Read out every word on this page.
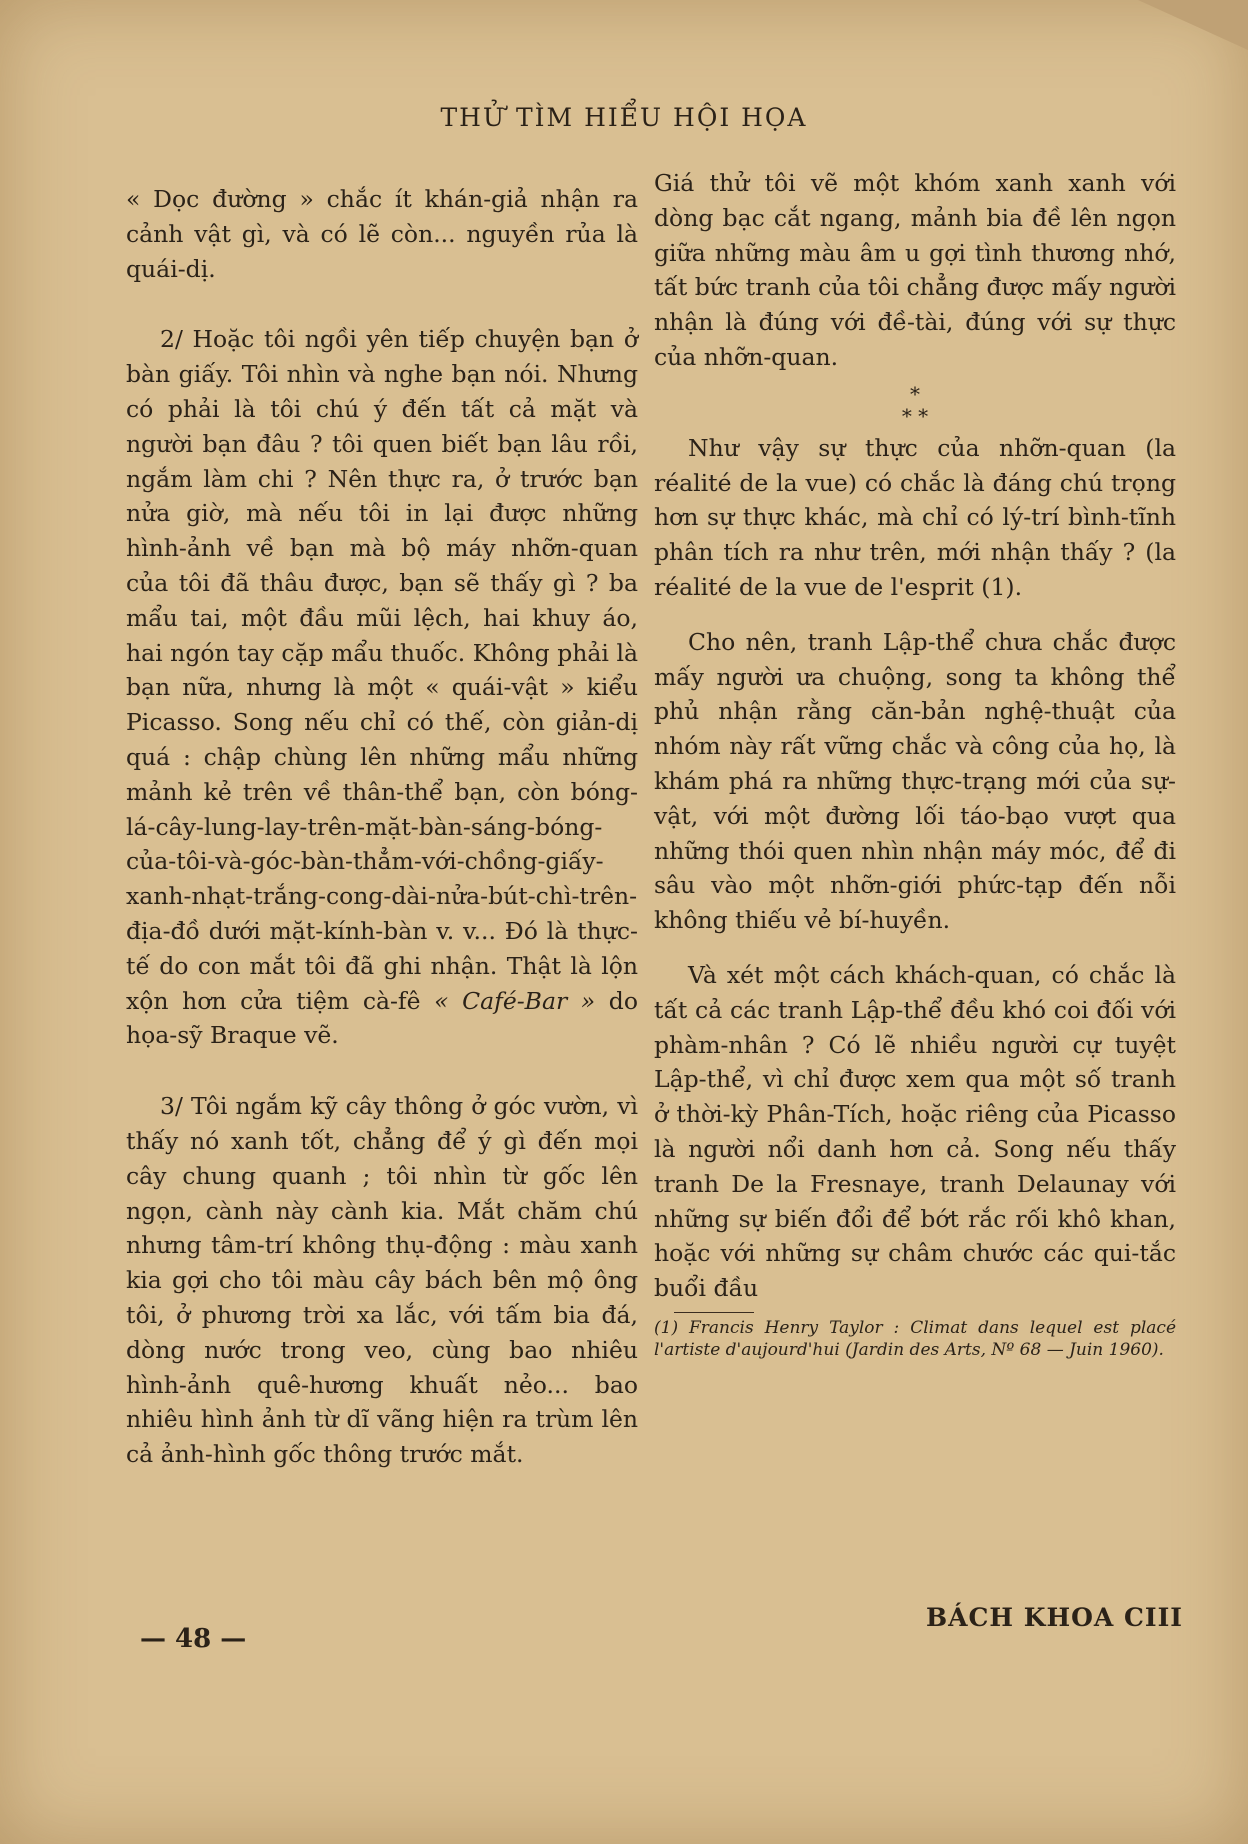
THỬ TÌM HIỂU HỘI HỌA

« Dọc đường » chắc ít khán-giả nhận ra cảnh vật gì, và có lẽ còn... nguyền rủa là quái-dị.

2/ Hoặc tôi ngồi yên tiếp chuyện bạn ở bàn giấy. Tôi nhìn và nghe bạn nói. Nhưng có phải là tôi chú ý đến tất cả mặt và người bạn đâu ? tôi quen biết bạn lâu rồi, ngắm làm chi ? Nên thực ra, ở trước bạn nửa giờ, mà nếu tôi in lại được những hình-ảnh về bạn mà bộ máy nhỡn-quan của tôi đã thâu được, bạn sẽ thấy gì ? ba mẩu tai, một đầu mũi lệch, hai khuy áo, hai ngón tay cặp mẩu thuốc. Không phải là bạn nữa, nhưng là một « quái-vật » kiểu Picasso. Song nếu chỉ có thế, còn giản-dị quá : chập chùng lên những mẩu những mảnh kẻ trên về thân-thể bạn, còn bóng-lá-cây-lung-lay-trên-mặt-bàn-sáng-bóng-của-tôi-và-góc-bàn-thẳm-với-chồng-giấy-xanh-nhạt-trắng-cong-dài-nửa-bút-chì-trên-địa-đồ dưới mặt-kính-bàn v. v... Đó là thực-tế do con mắt tôi đã ghi nhận. Thật là lộn xộn hơn cửa tiệm cà-fê « Café-Bar » do họa-sỹ Braque vẽ.

3/ Tôi ngắm kỹ cây thông ở góc vườn, vì thấy nó xanh tốt, chẳng để ý gì đến mọi cây chung quanh ; tôi nhìn từ gốc lên ngọn, cành này cành kia. Mắt chăm chú nhưng tâm-trí không thụ-động : màu xanh kia gợi cho tôi màu cây bách bên mộ ông tôi, ở phương trời xa lắc, với tấm bia đá, dòng nước trong veo, cùng bao nhiêu hình-ảnh quê-hương khuất nẻo... bao nhiêu hình ảnh từ dĩ vãng hiện ra trùm lên cả ảnh-hình gốc thông trước mắt.

Giá thử tôi vẽ một khóm xanh xanh với dòng bạc cắt ngang, mảnh bia đề lên ngọn giữa những màu âm u gợi tình thương nhớ, tất bức tranh của tôi chẳng được mấy người nhận là đúng với đề-tài, đúng với sự thực của nhỡn-quan.

*
* *

Như vậy sự thực của nhỡn-quan (la réalité de la vue) có chắc là đáng chú trọng hơn sự thực khác, mà chỉ có lý-trí bình-tĩnh phân tích ra như trên, mới nhận thấy ? (la réalité de la vue de l'esprit (1).

Cho nên, tranh Lập-thể chưa chắc được mấy người ưa chuộng, song ta không thể phủ nhận rằng căn-bản nghệ-thuật của nhóm này rất vững chắc và công của họ, là khám phá ra những thực-trạng mới của sự-vật, với một đường lối táo-bạo vượt qua những thói quen nhìn nhận máy móc, để đi sâu vào một nhỡn-giới phức-tạp đến nỗi không thiếu vẻ bí-huyền.

Và xét một cách khách-quan, có chắc là tất cả các tranh Lập-thể đều khó coi đối với phàm-nhân ? Có lẽ nhiều người cự tuyệt Lập-thể, vì chỉ được xem qua một số tranh ở thời-kỳ Phân-Tích, hoặc riêng của Picasso là người nổi danh hơn cả. Song nếu thấy tranh De la Fresnaye, tranh Delaunay với những sự biến đổi để bớt rắc rối khô khan, hoặc với những sự châm chước các qui-tắc buổi đầu

(1) Francis Henry Taylor : Climat dans lequel est placé l'artiste d'aujourd'hui (Jardin des Arts, Nº 68 — Juin 1960).

— 48 —
BÁCH KHOA CIII
